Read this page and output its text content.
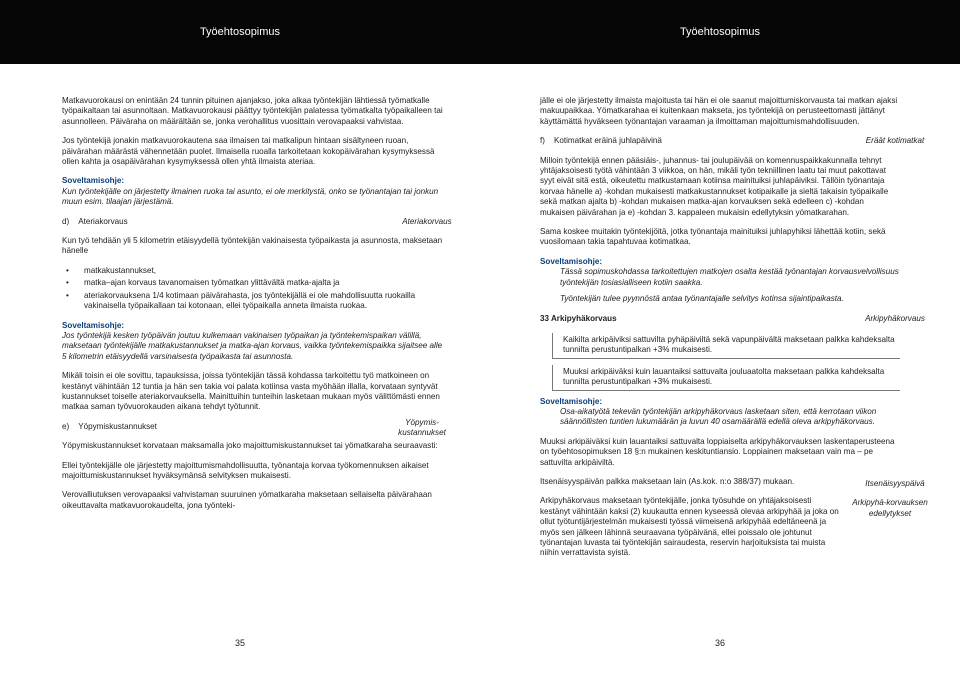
Työehtosopimus

Matkavuorokausi on enintään 24 tunnin pituinen ajanjakso, joka alkaa työntekijän lähtiessä työmatkalle työpaikaltaan tai asunnoltaan. Matkavuorokausi päättyy työntekijän palatessa työmatkalta työpaikalleen tai asunnolleen. Päiväraha on määrältään se, jonka verohallitus vuosittain verovapaaksi vahvistaa.

Jos työntekijä jonakin matkavuorokautena saa ilmaisen tai matkalipun hintaan sisältyneen ruoan, päivärahan määrästä vähennetään puolet. Ilmaisella ruoalla tarkoitetaan kokopäivärahan kysymyksessä ollen kahta ja osapäivärahan kysymyksessä ollen yhtä ilmaista ateriaa.

Soveltamisohje:

Kun työntekijälle on järjestetty ilmainen ruoka tai asunto, ei ole merkitystä, onko se työnantajan tai jonkun muun esim. tilaajan järjestämä.

d)    Ateriakorvaus	Ateriakorvaus

Kun työ tehdään yli 5 kilometrin etäisyydellä työntekijän vakinaisesta työpaikasta ja asunnosta, maksetaan hänelle

• matkakustannukset,
• matka–ajan korvaus tavanomaisen työmatkan ylittävältä matka-ajalta ja
• ateriakorvauksena 1/4 kotimaan päivärahasta, jos työntekijällä ei ole mahdollisuutta ruokailla vakinaisella työpaikallaan tai kotonaan, ellei työpaikalla anneta ilmaista ruokaa.
Soveltamisohje:

Jos työntekijä kesken työpäivän joutuu kulkemaan vakinaisen työpaikan ja työntekemispaikan välillä, maksetaan työntekijälle matkakustannukset ja matka-ajan korvaus, vaikka työntekemispaikka sijaitsee alle 5 kilometrin etäisyydellä varsinaisesta työpaikasta tai asunnosta.

Mikäli toisin ei ole sovittu, tapauksissa, joissa työntekijän tässä kohdassa tarkoitettu työ matkoineen on kestänyt vähintään 12 tuntia ja hän sen takia voi palata kotiinsa vasta myöhään illalla, korvataan syntyvät kustannukset toiselle ateriakorvauksella. Mainittuihin tunteihin lasketaan mukaan myös välittömästi ennen matkaa saman työvuorokauden aikana tehdyt työtunnit.

e)    Yöpymiskustannukset	Yöpymis-kustannukset

Yöpymiskustannukset korvataan maksamalla joko majoittumiskustannukset tai yömatkaraha seuraavasti:

Ellei työntekijälle ole järjestetty majoittumismahdollisuutta, työnantaja korvaa työkomennuksen aikaiset majoittumiskustannukset hyväksymänsä selvityksen mukaisesti.

Verovalliutuksen verovapaaksi vahvistaman suuruinen yömatkaraha maksetaan sellaiselta päivärahaan oikeuttavalta matkavuorokaudelta, jona työnteki-

35
Työehtosopimus

jälle ei ole järjestetty ilmaista majoitusta tai hän ei ole saanut majoittumiskorvausta tai matkan ajaksi makuupaikkaa. Yömatkarahaa ei kuitenkaan makseta, jos työntekijä on perusteettomasti jättänyt käyttämättä hyväkseen työnantajan varaaman ja ilmoittaman majoittumismahdollisuuden.

f)    Kotimatkat eräinä juhlapäivinä	Eräät kotimatkat

Milloin työntekijä ennen pääsiäis-, juhannus- tai joulupäivää on komennuspaikkakunnalla tehnyt yhtäjaksoisesti työtä vähintään 3 viikkoa, on hän, mikäli työn tekniillinen laatu tai muut pakottavat syyt eivät sitä estä, oikeutettu matkustamaan kotiinsa mainituiksi juhlapäiviksi. Tällöin työnantaja korvaa hänelle a) -kohdan mukaisesti matkakustannukset kotipaikalle ja sieltä takaisin työpaikalle sekä matkan ajalta b) -kohdan mukaisen matka-ajan korvauksen sekä edelleen c) -kohdan mukaisen päivärahan ja e) -kohdan 3. kappaleen mukaisin edellytyksin yömatkarahan.

Sama koskee muitakin työntekijöitä, jotka työnantaja mainituiksi juhlapyhiksi lähettää kotiin, sekä vuosilomaan takia tapahtuvaa kotimatkaa.

Soveltamisohje:

Tässä sopimuskohdassa tarkoitettujen matkojen osalta kestää työnantajan korvausvelvollisuus työntekijän tosiasialliseen kotiin saakka.

Työntekijän tulee pyynnöstä antaa työnantajalle selvitys kotinsa sijaintipaikasta.

33 Arkipyhäkorvaus	Arkipyhäkorvaus
Kaikilta arkipäiviksi sattuvilta pyhäpäiviltä sekä vapunpäivältä maksetaan palkka kahdeksalta tunnilta perustuntipalkan +3% mukaisesti.
Muuksi arkipäiväksi kuin lauantaiksi sattuvalta jouluaatolta maksetaan palkka kahdeksalta tunnilta perustuntipalkan +3% mukaisesti.
Soveltamisohje:

Osa-aikatyötä tekevän työntekijän arkipyhäkorvaus lasketaan siten, että kerrotaan viikon säännöllisten tuntien lukumäärän ja luvun 40 osamäärällä edellä oleva arkipyhäkorvaus.

Muuksi arkipäiväksi kuin lauantaiksi sattuvalta loppiaiselta arkipyhäkorvauksen laskentaperusteena on työehtosopimuksen 18 §:n mukainen keskituntiansio. Loppiainen maksetaan vain ma – pe sattuvilta arkipäiviltä.

Itsenäisyyspäivän palkka maksetaan lain (As.kok. n:o 388/37) mukaan.	Itsenäisyyspäivä
Arkipyhäkorvaus maksetaan työntekijälle, jonka työsuhde on yhtäjaksoisesti kestänyt vähintään kaksi (2) kuukautta ennen kyseessä olevaa arkipyhää ja joka on ollut työtuntijärjestelmän mukaisesti työssä viimeisenä arkipyhää edeltäneenä ja myös sen jälkeen lähinnä seuraavana työpäivänä, ellei poissalo ole johtunut työnantajan luvasta tai työntekijän sairaudesta, reservin harjoituksista tai muista niihin verrattavista syistä.
Arkipyhä-korvauksen edellytykset
36
